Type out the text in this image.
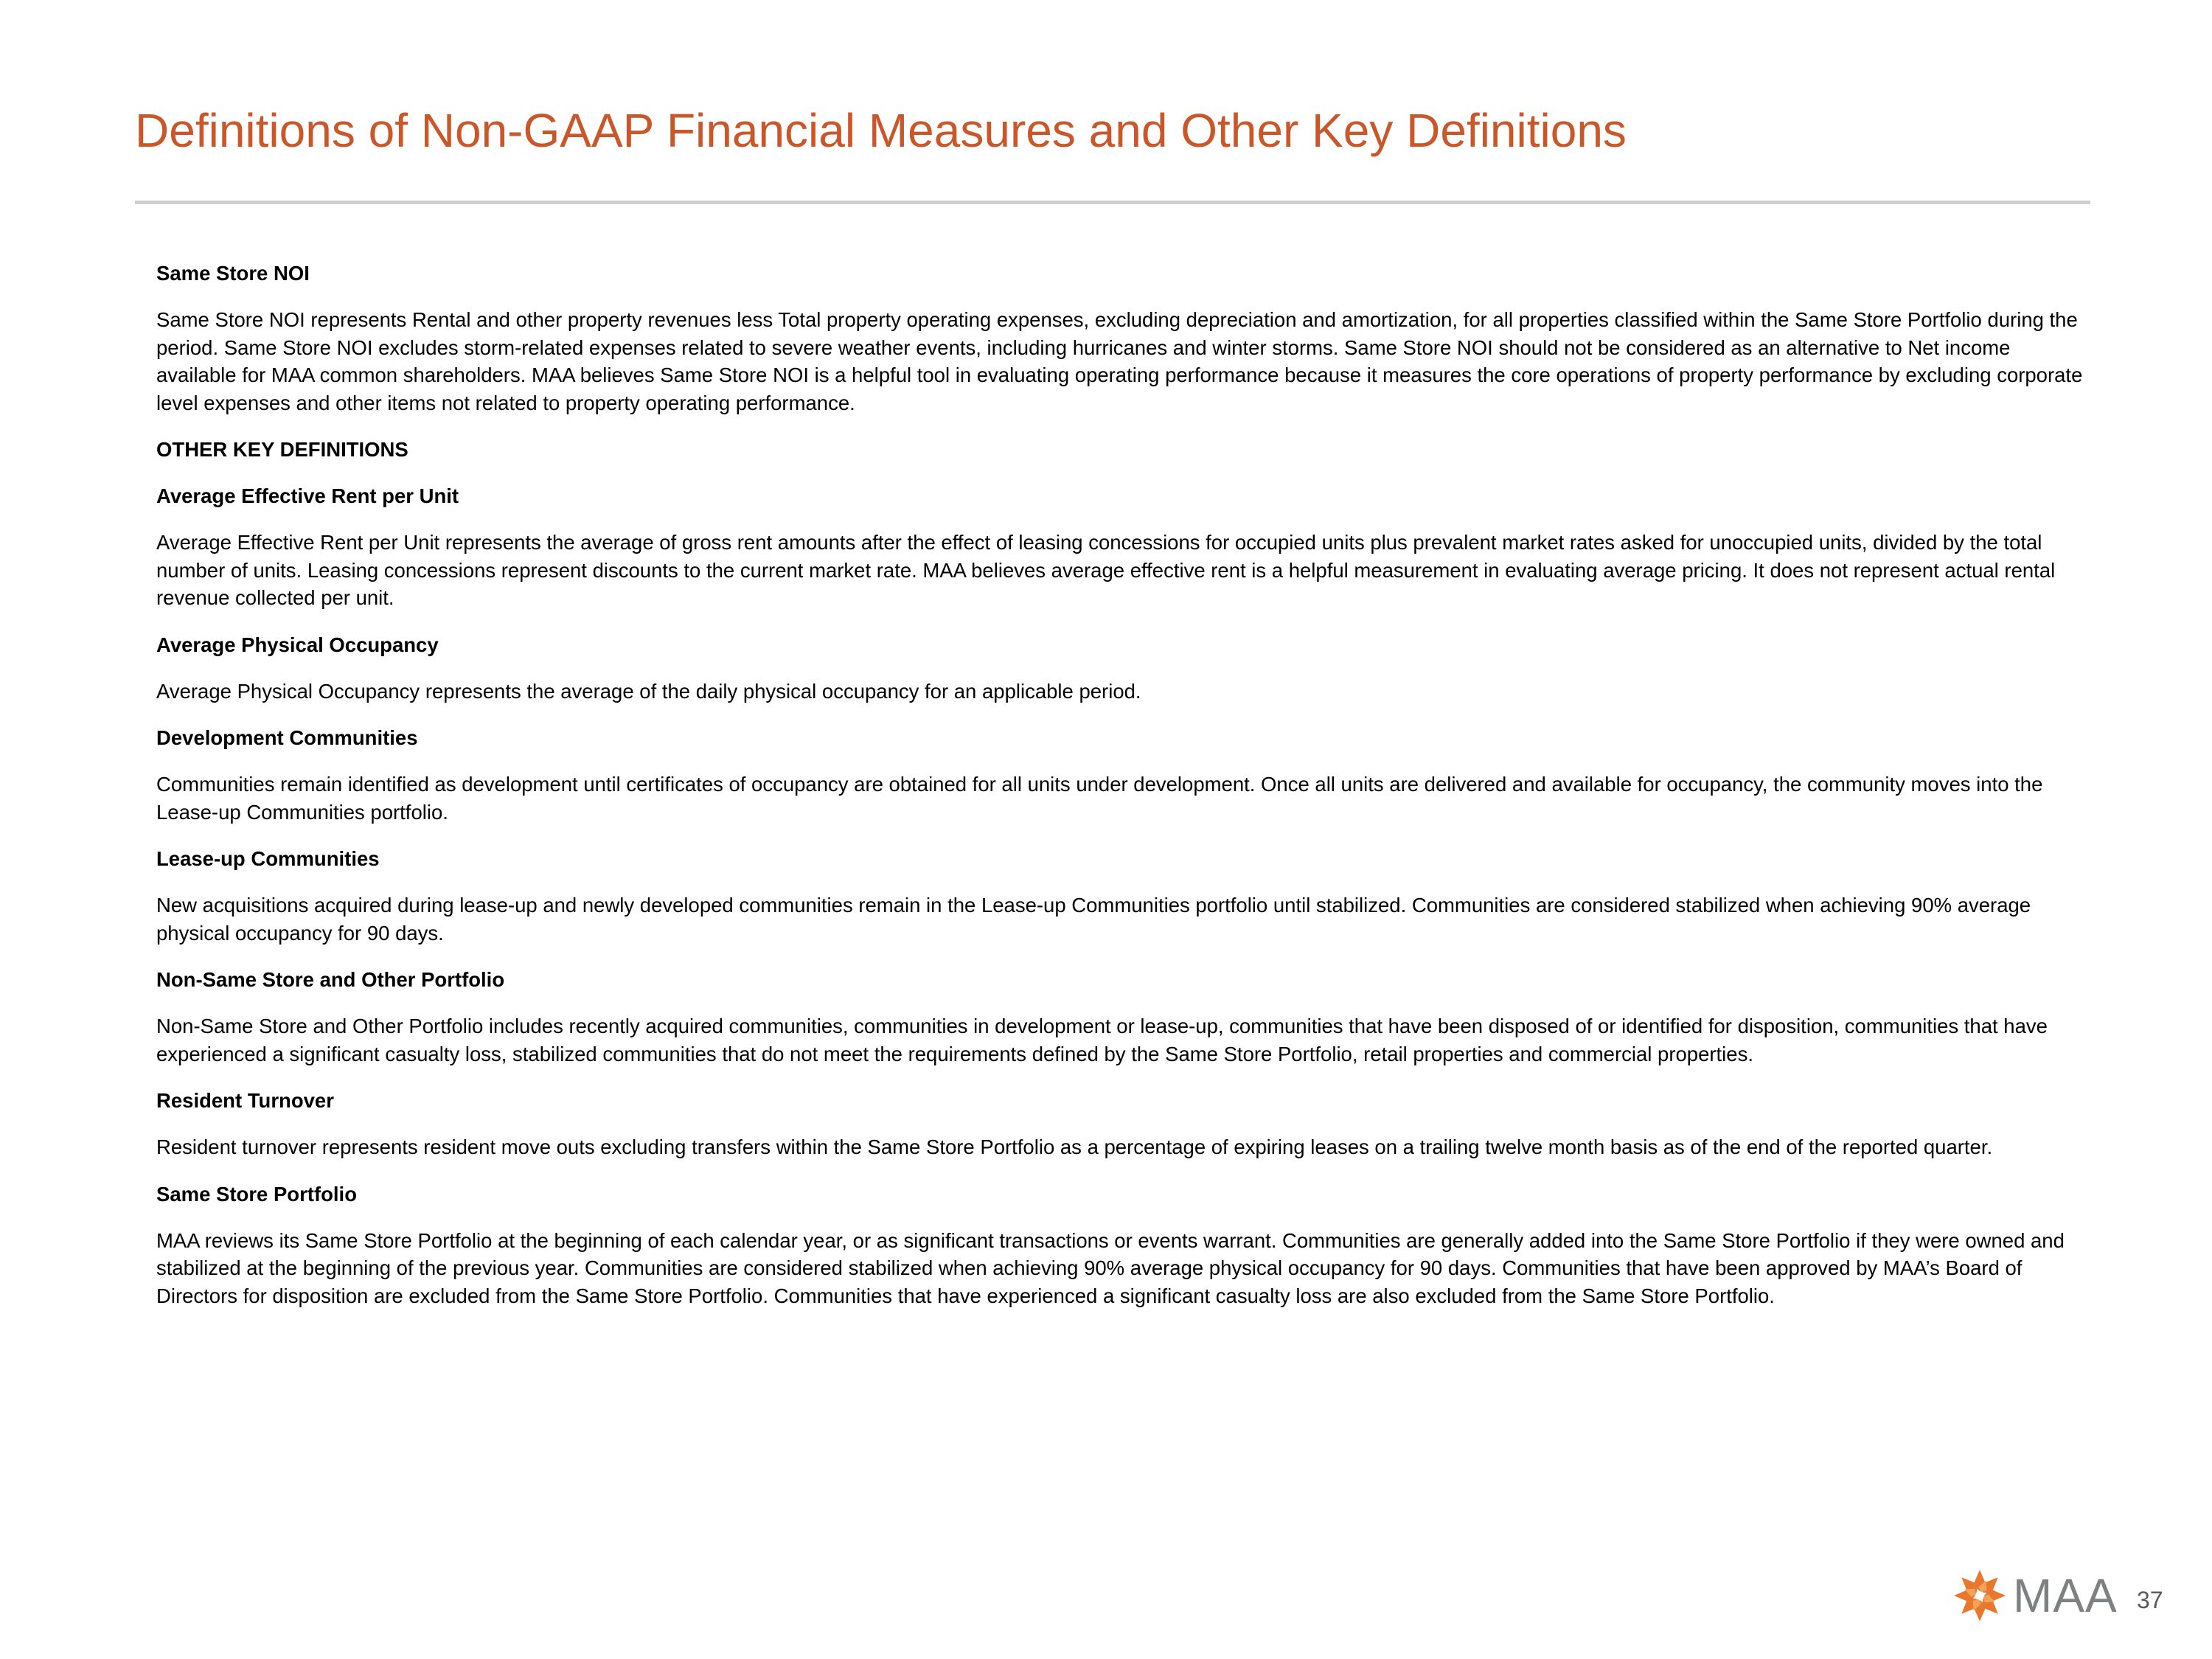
Definitions of Non-GAAP Financial Measures and Other Key Definitions

Same Store NOI

Same Store NOI represents Rental and other property revenues less Total property operating expenses, excluding depreciation and amortization, for all properties classified within the Same Store Portfolio during the period. Same Store NOI excludes storm-related expenses related to severe weather events, including hurricanes and winter storms. Same Store NOI should not be considered as an alternative to Net income available for MAA common shareholders. MAA believes Same Store NOI is a helpful tool in evaluating operating performance because it measures the core operations of property performance by excluding corporate level expenses and other items not related to property operating performance.

OTHER KEY DEFINITIONS

Average Effective Rent per Unit

Average Effective Rent per Unit represents the average of gross rent amounts after the effect of leasing concessions for occupied units plus prevalent market rates asked for unoccupied units, divided by the total number of units. Leasing concessions represent discounts to the current market rate. MAA believes average effective rent is a helpful measurement in evaluating average pricing. It does not represent actual rental revenue collected per unit.

Average Physical Occupancy

Average Physical Occupancy represents the average of the daily physical occupancy for an applicable period.

Development Communities

Communities remain identified as development until certificates of occupancy are obtained for all units under development. Once all units are delivered and available for occupancy, the community moves into the Lease-up Communities portfolio.

Lease-up Communities

New acquisitions acquired during lease-up and newly developed communities remain in the Lease-up Communities portfolio until stabilized. Communities are considered stabilized when achieving 90% average physical occupancy for 90 days.

Non-Same Store and Other Portfolio

Non-Same Store and Other Portfolio includes recently acquired communities, communities in development or lease-up, communities that have been disposed of or identified for disposition, communities that have experienced a significant casualty loss, stabilized communities that do not meet the requirements defined by the Same Store Portfolio, retail properties and commercial properties.

Resident Turnover

Resident turnover represents resident move outs excluding transfers within the Same Store Portfolio as a percentage of expiring leases on a trailing twelve month basis as of the end of the reported quarter.

Same Store Portfolio

MAA reviews its Same Store Portfolio at the beginning of each calendar year, or as significant transactions or events warrant. Communities are generally added into the Same Store Portfolio if they were owned and stabilized at the beginning of the previous year. Communities are considered stabilized when achieving 90% average physical occupancy for 90 days. Communities that have been approved by MAA’s Board of Directors for disposition are excluded from the Same Store Portfolio. Communities that have experienced a significant casualty loss are also excluded from the Same Store Portfolio.

MAA 37
